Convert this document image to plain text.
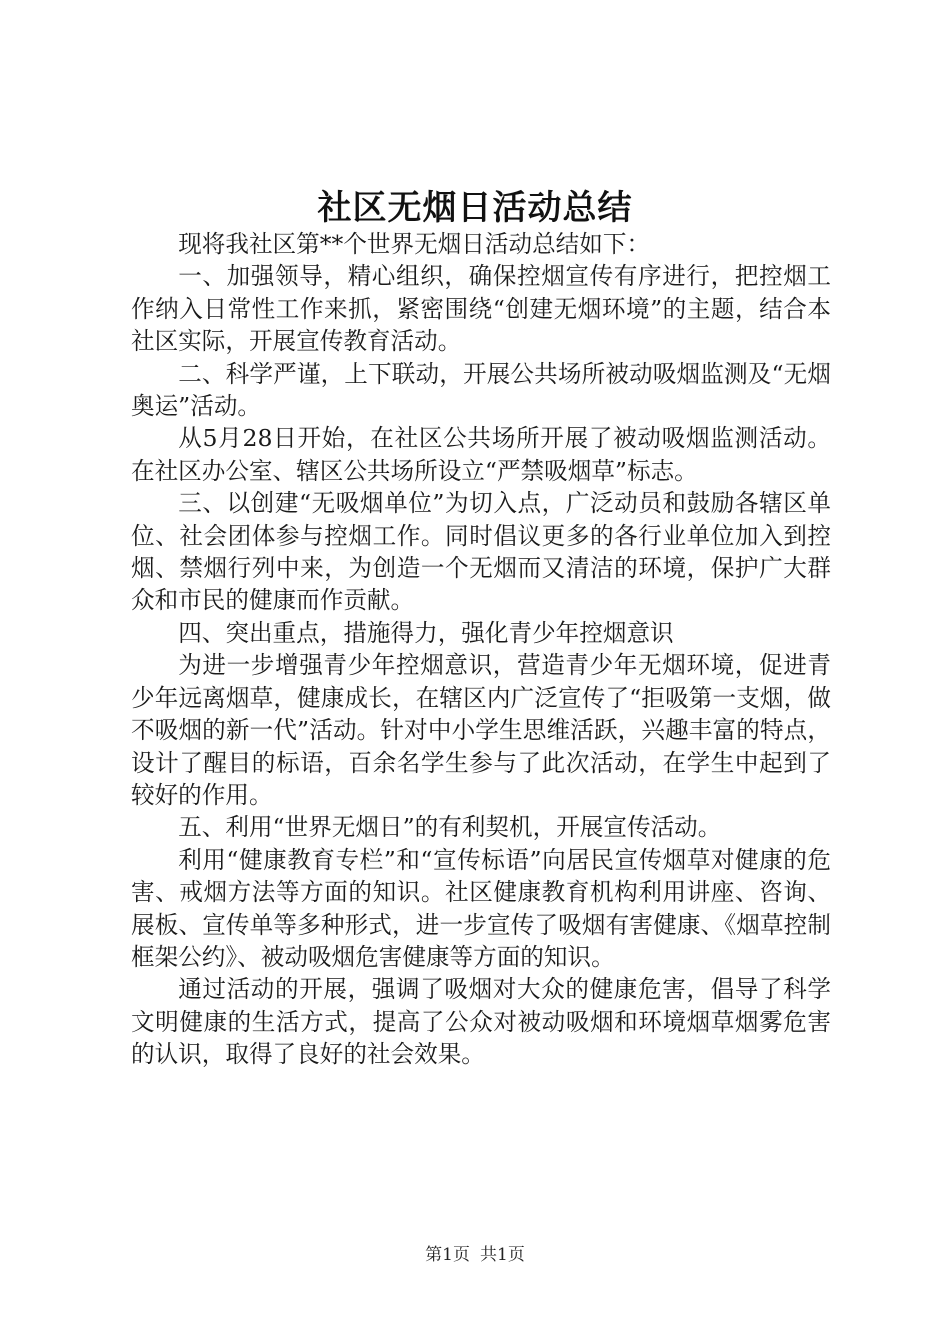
社区无烟日活动总结

现将我社区第**个世界无烟日活动总结如下：

一、加强领导，精心组织，确保控烟宣传有序进行，把控烟工作纳入日常性工作来抓，紧密围绕“创建无烟环境”的主题，结合本社区实际，开展宣传教育活动。

二、科学严谨，上下联动，开展公共场所被动吸烟监测及“无烟奥运”活动。

从5月28日开始，在社区公共场所开展了被动吸烟监测活动。在社区办公室、辖区公共场所设立“严禁吸烟草”标志。

三、以创建“无吸烟单位”为切入点，广泛动员和鼓励各辖区单位、社会团体参与控烟工作。同时倡议更多的各行业单位加入到控烟、禁烟行列中来，为创造一个无烟而又清洁的环境，保护广大群众和市民的健康而作贡献。

四、突出重点，措施得力，强化青少年控烟意识

为进一步增强青少年控烟意识，营造青少年无烟环境，促进青少年远离烟草，健康成长，在辖区内广泛宣传了“拒吸第一支烟，做不吸烟的新一代”活动。针对中小学生思维活跃，兴趣丰富的特点，设计了醒目的标语，百余名学生参与了此次活动，在学生中起到了较好的作用。

五、利用“世界无烟日”的有利契机，开展宣传活动。

利用“健康教育专栏”和“宣传标语”向居民宣传烟草对健康的危害、戒烟方法等方面的知识。社区健康教育机构利用讲座、咨询、展板、宣传单等多种形式，进一步宣传了吸烟有害健康、《烟草控制框架公约》、被动吸烟危害健康等方面的知识。

通过活动的开展，强调了吸烟对大众的健康危害，倡导了科学文明健康的生活方式，提高了公众对被动吸烟和环境烟草烟雾危害的认识，取得了良好的社会效果。

第1页 共1页
